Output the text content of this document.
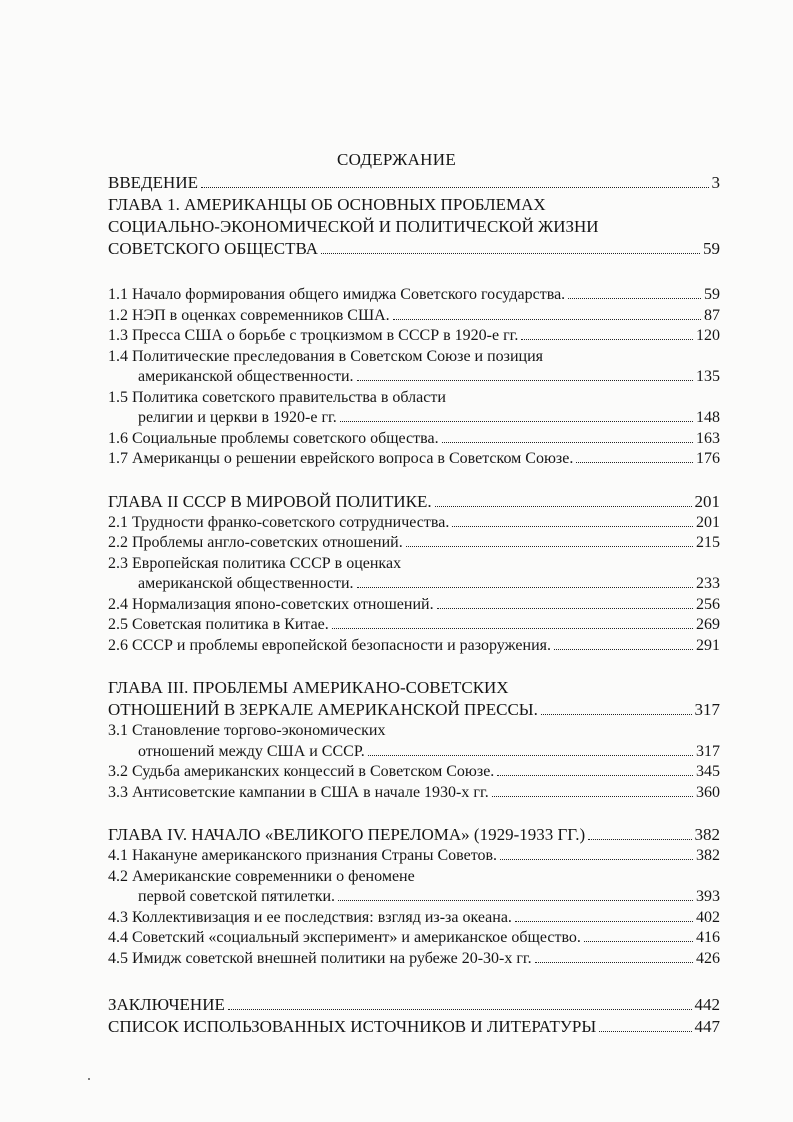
СОДЕРЖАНИЕ
ВВЕДЕНИЕ	3
ГЛАВА 1. АМЕРИКАНЦЫ ОБ ОСНОВНЫХ ПРОБЛЕМАХ
СОЦИАЛЬНО-ЭКОНОМИЧЕСКОЙ И ПОЛИТИЧЕСКОЙ ЖИЗНИ
СОВЕТСКОГО ОБЩЕСТВА	59
1.1 Начало формирования общего имиджа Советского государства.	59
1.2 НЭП в оценках современников США.	87
1.3 Пресса США о борьбе с троцкизмом в СССР в 1920-е гг.	120
1.4 Политические преследования в Советском Союзе и позиция
американской общественности.	135
1.5 Политика советского правительства в области
религии и церкви в 1920-е гг.	148
1.6 Социальные проблемы советского общества.	163
1.7 Американцы о решении еврейского вопроса в Советском Союзе.	176
ГЛАВА II СССР В МИРОВОЙ ПОЛИТИКЕ.	201
2.1 Трудности франко-советского сотрудничества.	201
2.2 Проблемы англо-советских отношений.	215
2.3 Европейская политика СССР в оценках
американской общественности.	233
2.4 Нормализация японо-советских отношений.	256
2.5 Советская политика в Китае.	269
2.6 СССР и проблемы европейской безопасности и разоружения.	291
ГЛАВА III. ПРОБЛЕМЫ АМЕРИКАНО-СОВЕТСКИХ
ОТНОШЕНИЙ В ЗЕРКАЛЕ АМЕРИКАНСКОЙ ПРЕССЫ.	317
3.1 Становление торгово-экономических
отношений между США и СССР.	317
3.2 Судьба американских концессий в Советском Союзе.	345
3.3 Антисоветские кампании в США в начале 1930-х гг.	360
ГЛАВА IV. НАЧАЛО «ВЕЛИКОГО ПЕРЕЛОМА» (1929-1933 ГГ.)	382
4.1 Накануне американского признания Страны Советов.	382
4.2 Американские современники о феномене
первой советской пятилетки.	393
4.3 Коллективизация и ее последствия: взгляд из-за океана.	402
4.4 Советский «социальный эксперимент» и американское общество.	416
4.5 Имидж советской внешней политики на рубеже 20-30-х гг.	426
ЗАКЛЮЧЕНИЕ	442
СПИСОК ИСПОЛЬЗОВАННЫХ ИСТОЧНИКОВ И ЛИТЕРАТУРЫ	447
